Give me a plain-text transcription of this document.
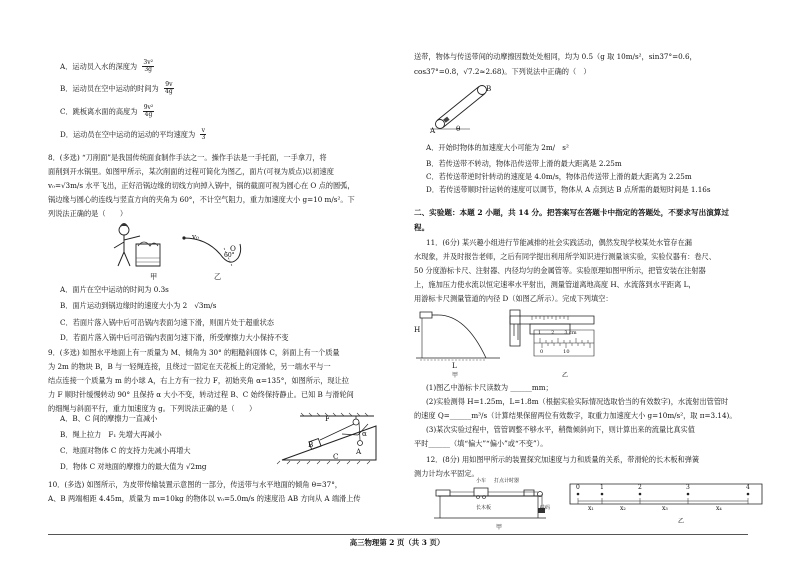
A．运动员入水的深度为 $\frac{\text{3v²}}{3g}$
B．运动员在空中运动的时间为 $\frac{9v}{4g}$
C．跳板离水面的高度为 $\frac{\text{9v²}}{4g}$
D．运动员在空中运动的运动的平均速度为 $\frac{v}{3}$
8．(多选) “刀削面”是我国传统面食制作手法之一。操作手法是一手托面，一手拿刀，将
面削到开水锅里。如图甲所示，某次削面的过程可简化为图乙，面片(可视为质点)以初速度
v₀=√3m/s 水平飞出，正好沿锅边缘的切线方向掉入锅中，锅的截面可视为圆心在 O 点的圆弧，
锅边缘与圆心的连线与竖直方向的夹角为 60°，不计空气阻力，重力加速度大小 g=10 m/s²。下
列说法正确的是（　　）
甲
v₀
O
60°
乙
A．面片在空中运动的时间为 0.3s
B．面片运动到锅边缘时的速度大小为 2　√3m/s
C．若面片落入锅中后可沿锅内表面匀速下滑，则面片处于超重状态
D．若面片落入锅中后可沿锅内表面匀速下滑，所受摩擦力大小保持不变
9．(多选) 如图水平地面上有一质量为 M、倾角为 30° 的粗糙斜面体 C，斜面上有一个质量
为 2m 的物块 B，B 与一轻绳连接，且绕过一固定在天花板上的定滑轮，另一端水平与一
结点连接一个质量为 m 的小球 A，右上方有一拉力 F，初始夹角 α=135°，如图所示，现让拉
力 F 顺时针缓慢转动 90° 且保持 α 大小不变，转动过程 B、C 始终保持静止。已知 B 与滑轮间
的细绳与斜面平行，重力加速度为 g。下列说法正确的是（　　）
F
α
B
C
A
A．B、C 间的摩擦力一直减小
B．绳上拉力　F₁ 先增大再减小
C．地面对物体 C 的支持力先减小再增大
D．物体 C 对地面的摩擦力的最大值为 √2mg
10．(多选) 如图所示，为皮带传输装置示意图的一部分，传送带与水平地面的倾角 θ=37°，
A、B 两端相距 4.45m，质量为 m=10kg 的物体以 v₀=5.0m/s 的速度沿 AB 方向从 A 端滑上传
送带，物体与传送带间的动摩擦因数处处相同，均为 0.5（g 取 10m/s²，sin37°=0.6，
cos37°=0.8，√7.2≈2.68)。下列说法中正确的（　）
B
A	θ
A．开始时物体的加速度大小可能为 2m/　s²
B．若传送带不转动，物体沿传送带上滑的最大距离是 2.25m
C．若传送带逆时针转动的速度是 4.0m/s，物体沿传送带上滑的最大距离为 2.25m
D．若传送带顺时针运转的速度可以调节，物体从 A 点到达 B 点所需的最短时间是 1.16s
二、实验题：本题 2 小题，共 14 分。把答案写在答题卡中指定的答题处，不要求写出演算过
程。
11．(6分) 某兴趣小组进行节能减排的社会实践活动，偶然发现学校某处水管存在漏
水现象，并及时报告老师，之后有同学提出利用所学知识进行测量该实验，实验仪器有：卷尺、
50 分度游标卡尺、注射器、内径均匀的金属管等。实验原理如图甲所示，把管安装在注射器
上，施加压力使水流以恒定速率水平射出，测量管道离地高度 H、水流落到水平距离 L，
用游标卡尺测量管道的内径 D（如图乙所示）。完成下列填空：
H
L
甲
1　　2　　3 cm
0　　　　10
乙
(1)图乙中游标卡尺读数为 ______mm；
(2)实验测得 H=1.25m，L=1.8m（根据实验实际情况选取恰当的有效数字)，水流射出管管时
的速度 Q=______m³/s（计算结果保留两位有效数字，取重力加速度大小 g=10m/s²，取 π=3.14)。
(3)某次实验过程中，管管调整不够水平，稍微倾斜向下，则计算出来的流量比真实值
平时______（填“偏大”“偏小”或“不变”）。
12．(8分) 用如图甲所示的装置探究加速度与力和质量的关系，带滑轮的长木板和弹簧
测力计均水平固定。
小车 打点计时器
长木板	砝码
甲
0	1	2	3	4
x₁	x₂	x₃	x₄
乙
高三物理第 2 页（共 3 页）
